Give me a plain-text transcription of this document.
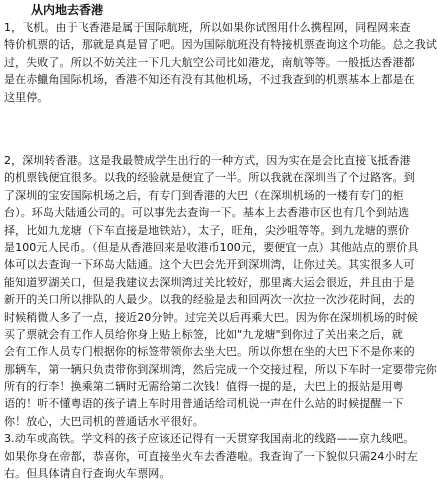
从内地去香港
1，飞机。由于飞香港是属于国际航班，所以如果你试图用什么携程网，同程网来查
特价机票的话，那就是真是冒了吧。因为国际航班没有特接机票查询这个功能。总之我试
过，失败了。所以不妨关注一下几大航空公司比如港龙，南航等等。一般抵达香港都
是在赤鱲角国际机场，香港不知还有没有其他机场，不过我查到的机票基本上都是在
这里停。
2，深圳转香港。这是我最赞成学生出行的一种方式，因为实在是会比直接飞抵香港
的机票钱便宜很多。以我的经验就是便宜了一半。所以我就在深圳当了个过路客。到
了深圳的宝安国际机场之后，有专门到香港的大巴（在深圳机场的一楼有专门的柜
台）。环岛大陆通公司的。可以事先去查询一下。基本上去香港市区也有几个到站选
择，比如九龙塘（下车直接是地铁站），太子，旺角，尖沙咀等等。到九龙塘的票价
是100元人民币。（但是从香港回来是收港币100元，要便宜一点）其他站点的票价具
体可以去查询一下环岛大陆通。这个大巴会先开到深圳湾，让你过关。其实很多人可
能知道罗湖关口，但是我建议去深圳湾过关比较好，那里离大运会很近，并且由于是
新开的关口所以排队的人最少。以我的经验是去和回两次一次拉一次沙花时间，去的
时候稍微人多了一点，接近20分钟。过完关以后再乘大巴。因为你在深圳机场的时候
买了票就会有工作人员给你身上贴上标签，比如"九龙塘"到你过了关出来之后，就
会有工作人员专门根据你的标签带领你去坐大巴。所以你想在坐的大巴下不是你来的
那辆车，第一辆只负责带你到深圳湾，然后完成一个交接过程，所以下车时一定要带完你
所有的行李！换乘第二辆时无需给第二次钱！值得一提的是，大巴上的报站是用粤
语的！听不懂粤语的孩子请上车时用普通话给司机说一声在什么站的时候提醒一下
你！放心，大巴司机的普通话水平很好。
3.动车或高铁。学文科的孩子应该还记得有一天贯穿我国南北的线路——京九线吧。
如果你身在帝都，恭喜你，可直接坐火车去香港啦。我查询了一下貌似只需24小时左
右。但具体请自行查询火车票网。
